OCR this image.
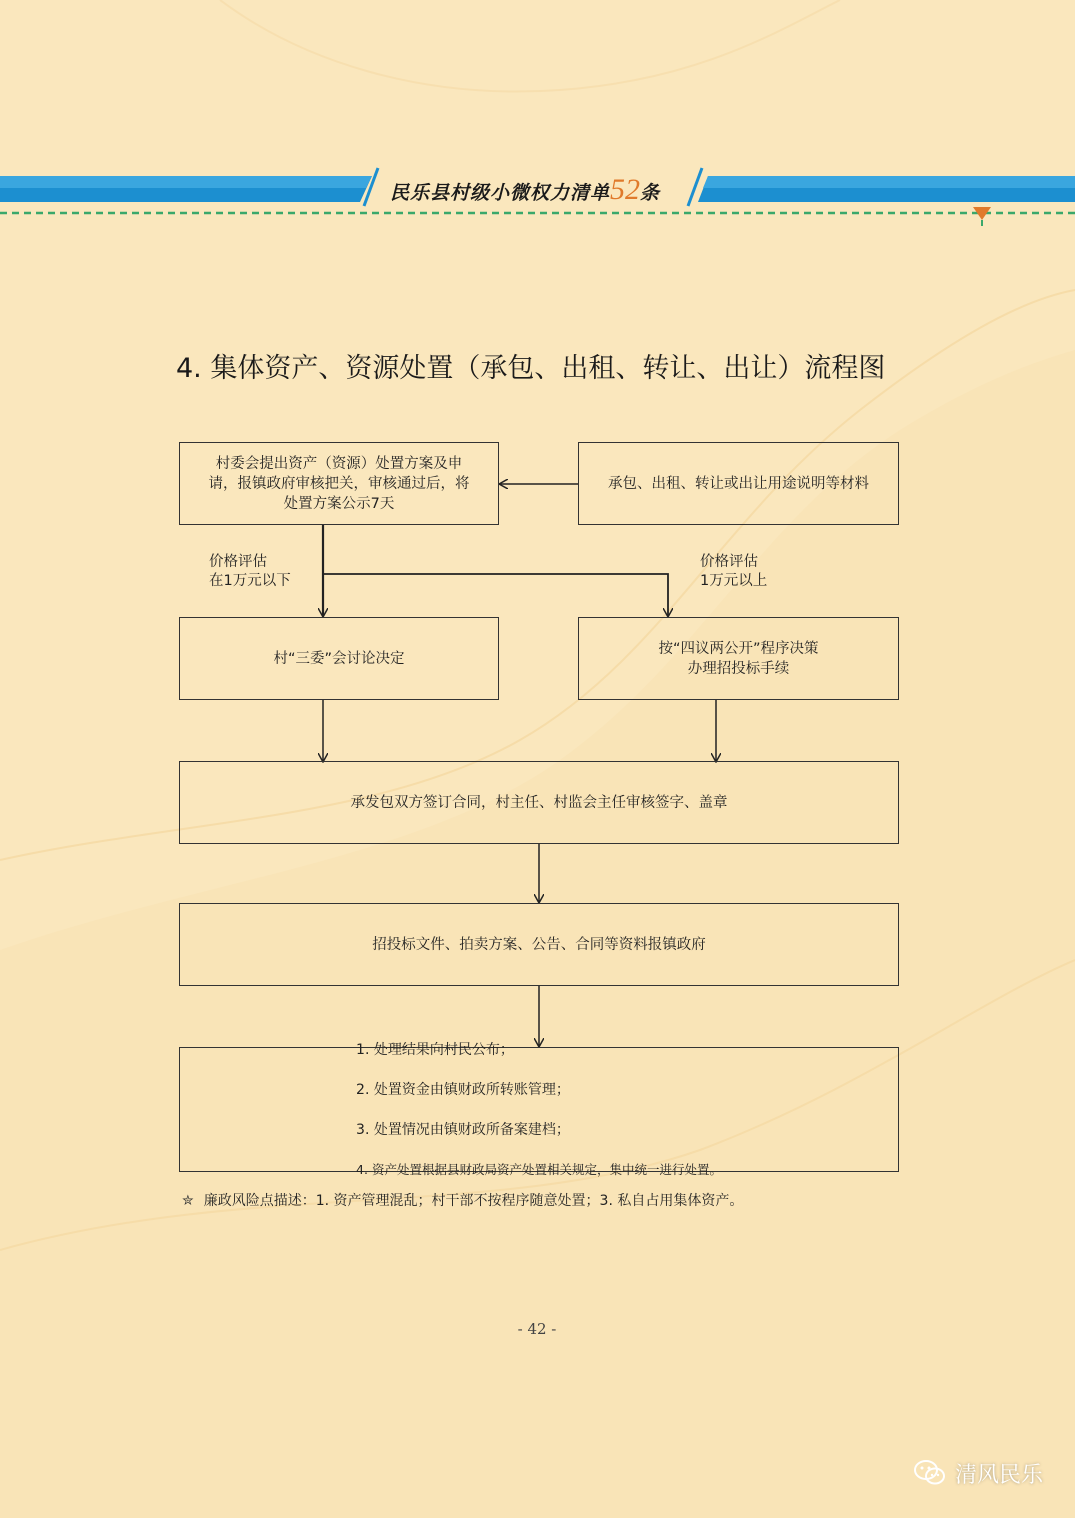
民乐县村级小微权力清单52条
4. 集体资产、资源处置（承包、出租、转让、出让）流程图
村委会提出资产（资源）处置方案及申
请，报镇政府审核把关，审核通过后，将
处置方案公示7天
承包、出租、转让或出让用途说明等材料
价格评估
在1万元以下
价格评估
1万元以上
村“三委”会讨论决定
按“四议两公开”程序决策
办理招投标手续
承发包双方签订合同，村主任、村监会主任审核签字、盖章
招投标文件、拍卖方案、公告、合同等资料报镇政府

1. 处理结果向村民公布；

2. 处置资金由镇财政所转账管理；

3. 处置情况由镇财政所备案建档；

4. 资产处置根据县财政局资产处置相关规定，集中统一进行处置。

✮ 廉政风险点描述：1. 资产管理混乱；村干部不按程序随意处置；3. 私自占用集体资产。
- 42 -
清风民乐
